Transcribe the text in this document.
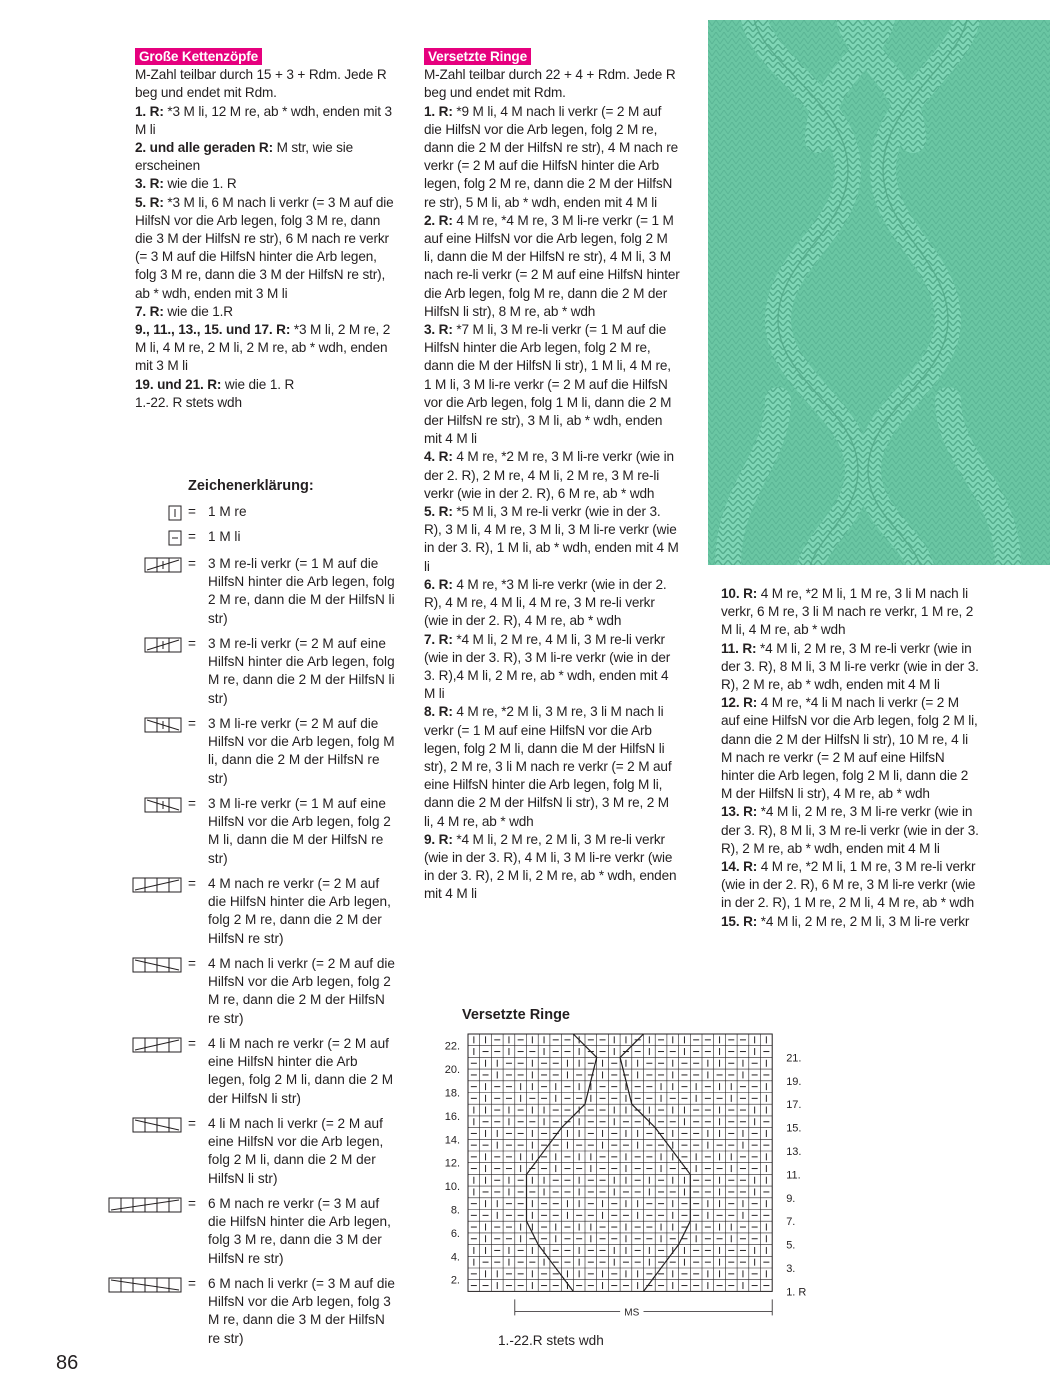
Große Kettenzöpfe

M-Zahl teilbar durch 15 + 3 + Rdm. Jede R beg und endet mit Rdm.

1. R: *3 M li, 12 M re, ab * wdh, enden mit 3 M li

2. und alle geraden R: M str, wie sie erscheinen

3. R: wie die 1. R

5. R: *3 M li, 6 M nach li verkr (= 3 M auf die HilfsN vor die Arb legen, folg 3 M re, dann die 3 M der HilfsN re str), 6 M nach re verkr (= 3 M auf die HilfsN hinter die Arb legen, folg 3 M re, dann die 3 M der HilfsN re str), ab * wdh, enden mit 3 M li

7. R: wie die 1.R

9., 11., 13., 15. und 17. R: *3 M li, 2 M re, 2 M li, 4 M re, 2 M li, 2 M re, ab * wdh, enden mit 3 M li

19. und 21. R: wie die 1. R

1.-22. R stets wdh

Versetzte Ringe

M-Zahl teilbar durch 22 + 4 + Rdm. Jede R beg und endet mit Rdm.

1. R: *9 M li, 4 M nach li verkr (= 2 M auf die HilfsN vor die Arb legen, folg 2 M re, dann die 2 M der HilfsN re str), 4 M nach re verkr (= 2 M auf die HilfsN hinter die Arb legen, folg 2 M re, dann die 2 M der HilfsN re str), 5 M li, ab * wdh, enden mit 4 M li

2. R: 4 M re, *4 M re, 3 M li-re verkr (= 1 M auf eine HilfsN vor die Arb legen, folg 2 M li, dann die M der HilfsN re str), 4 M li, 3 M nach re-li verkr (= 2 M auf eine HilfsN hinter die Arb legen, folg M re, dann die 2 M der HilfsN li str), 8 M re, ab * wdh

3. R: *7 M li, 3 M re-li verkr (= 1 M auf die HilfsN hinter die Arb legen, folg 2 M re, dann die M der HilfsN li str), 1 M li, 4 M re, 1 M li, 3 M li-re verkr (= 2 M auf die HilfsN vor die Arb legen, folg 1 M li, dann die 2 M der HilfsN re str), 3 M li, ab * wdh, enden mit 4 M li

4. R: 4 M re, *2 M re, 3 M li-re verkr (wie in der 2. R), 2 M re, 4 M li, 2 M re, 3 M re-li verkr (wie in der 2. R), 6 M re, ab * wdh

5. R: *5 M li, 3 M re-li verkr (wie in der 3. R), 3 M li, 4 M re, 3 M li, 3 M li-re verkr (wie in der 3. R), 1 M li, ab * wdh, enden mit 4 M li

6. R: 4 M re, *3 M li-re verkr (wie in der 2. R), 4 M re, 4 M li, 4 M re, 3 M re-li verkr (wie in der 2. R), 4 M re, ab * wdh

7. R: *4 M li, 2 M re, 4 M li, 3 M re-li verkr (wie in der 3. R), 3 M li-re verkr (wie in der 3. R),4 M li, 2 M re, ab * wdh, enden mit 4 M li

8. R: 4 M re, *2 M li, 3 M re, 3 li M nach li verkr (= 1 M auf eine HilfsN vor die Arb legen, folg 2 M li, dann die M der HilfsN li str), 2 M re, 3 li M nach re verkr (= 2 M auf eine HilfsN hinter die Arb legen, folg M li, dann die 2 M der HilfsN li str), 3 M re, 2 M li, 4 M re, ab * wdh

9. R: *4 M li, 2 M re, 2 M li, 3 M re-li verkr (wie in der 3. R), 4 M li, 3 M li-re verkr (wie in der 3. R), 2 M li, 2 M re, ab * wdh, enden mit 4 M li

10. R: 4 M re, *2 M li, 1 M re, 3 li M nach li verkr, 6 M re, 3 li M nach re verkr, 1 M re, 2 M li, 4 M re, ab * wdh

11. R: *4 M li, 2 M re, 3 M re-li verkr (wie in der 3. R), 8 M li, 3 M li-re verkr (wie in der 3. R), 2 M re, ab * wdh, enden mit 4 M li

12. R: 4 M re, *4 li M nach li verkr (= 2 M auf eine HilfsN vor die Arb legen, folg 2 M li, dann die 2 M der HilfsN li str), 10 M re, 4 li M nach re verkr (= 2 M auf eine HilfsN hinter die Arb legen, folg 2 M li, dann die 2 M der HilfsN li str), 4 M re, ab * wdh

13. R: *4 M li, 2 M re, 3 M li-re verkr (wie in der 3. R), 8 M li, 3 M re-li verkr (wie in der 3. R), 2 M re, ab * wdh, enden mit 4 M li

14. R: 4 M re, *2 M li, 1 M re, 3 M re-li verkr (wie in der 2. R), 6 M re, 3 M li-re verkr (wie in der 2. R), 1 M re, 2 M li, 4 M re, ab * wdh

15. R: *4 M li, 2 M re, 2 M li, 3 M li-re verkr

Zeichenerklärung:
= 1 M re
= 1 M li
= 3 M re-li verkr (= 1 M auf die HilfsN hinter die Arb legen, folg 2 M re, dann die M der HilfsN li str)
= 3 M re-li verkr (= 2 M auf eine HilfsN hinter die Arb legen, folg M re, dann die 2 M der HilfsN li str)
= 3 M li-re verkr (= 2 M auf die HilfsN vor die Arb legen, folg M li, dann die 2 M der HilfsN re str)
= 3 M li-re verkr (= 1 M auf eine HilfsN vor die Arb legen, folg 2 M li, dann die M der HilfsN re str)
= 4 M nach re verkr (= 2 M auf die HilfsN hinter die Arb legen, folg 2 M re, dann die 2 M der HilfsN re str)
= 4 M nach li verkr (= 2 M auf die HilfsN vor die Arb legen, folg 2 M re, dann die 2 M der HilfsN re str)
= 4 li M nach re verkr (= 2 M auf eine HilfsN hinter die Arb legen, folg 2 M li, dann die 2 M der HilfsN li str)
= 4 li M nach li verkr (= 2 M auf eine HilfsN vor die Arb legen, folg 2 M li, dann die 2 M der HilfsN li str)
= 6 M nach re verkr (= 3 M auf die HilfsN hinter die Arb legen, folg 3 M re, dann die 3 M der HilfsN re str)
= 6 M nach li verkr (= 3 M auf die HilfsN vor die Arb legen, folg 3 M re, dann die 3 M der HilfsN re str)
Versetzte Ringe
22.
20.
18.
16.
14.
12.
10.
8.
6.
4.
2.
21.
19.
17.
15.
13.
11.
9.
7.
5.
3.
1. R
MS
1.-22.R stets wdh
86
